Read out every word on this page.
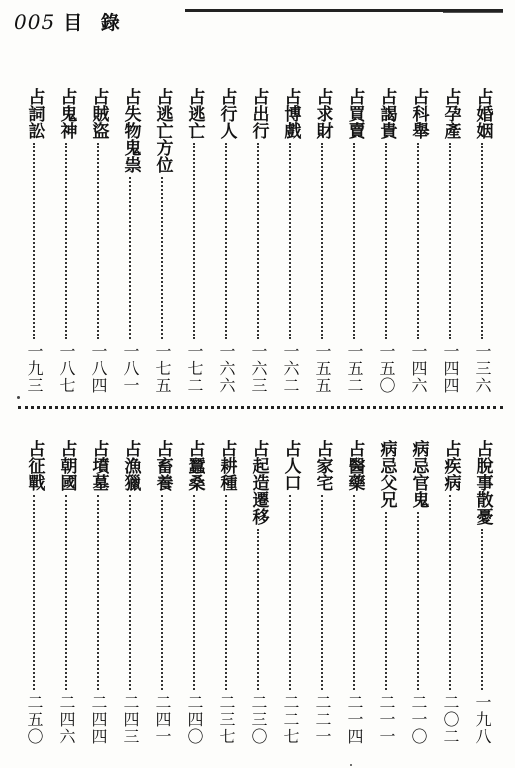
005 目 錄
占婚姻
一三六
占孕產
一四四
占科舉
一四六
占謁貴
一五〇
占買賣
一五二
占求財
一五五
占博戲
一六二
占出行
一六三
占行人
一六六
占逃亡
一七二
占逃亡方位
一七五
占失物鬼祟
一八一
占賊盜
一八四
占鬼神
一八七
占詞訟
一九三
占脫事散憂
一九八
占疾病
二〇二
病忌官鬼
二一〇
病忌父兄
二一一
占醫藥
二一四
占家宅
二二一
占人口
二二七
占起造遷移
二三〇
占耕種
二三七
占蠶桑
二四〇
占畜養
二四一
占漁獵
二四三
占墳墓
二四四
占朝國
二四六
占征戰
二五〇
